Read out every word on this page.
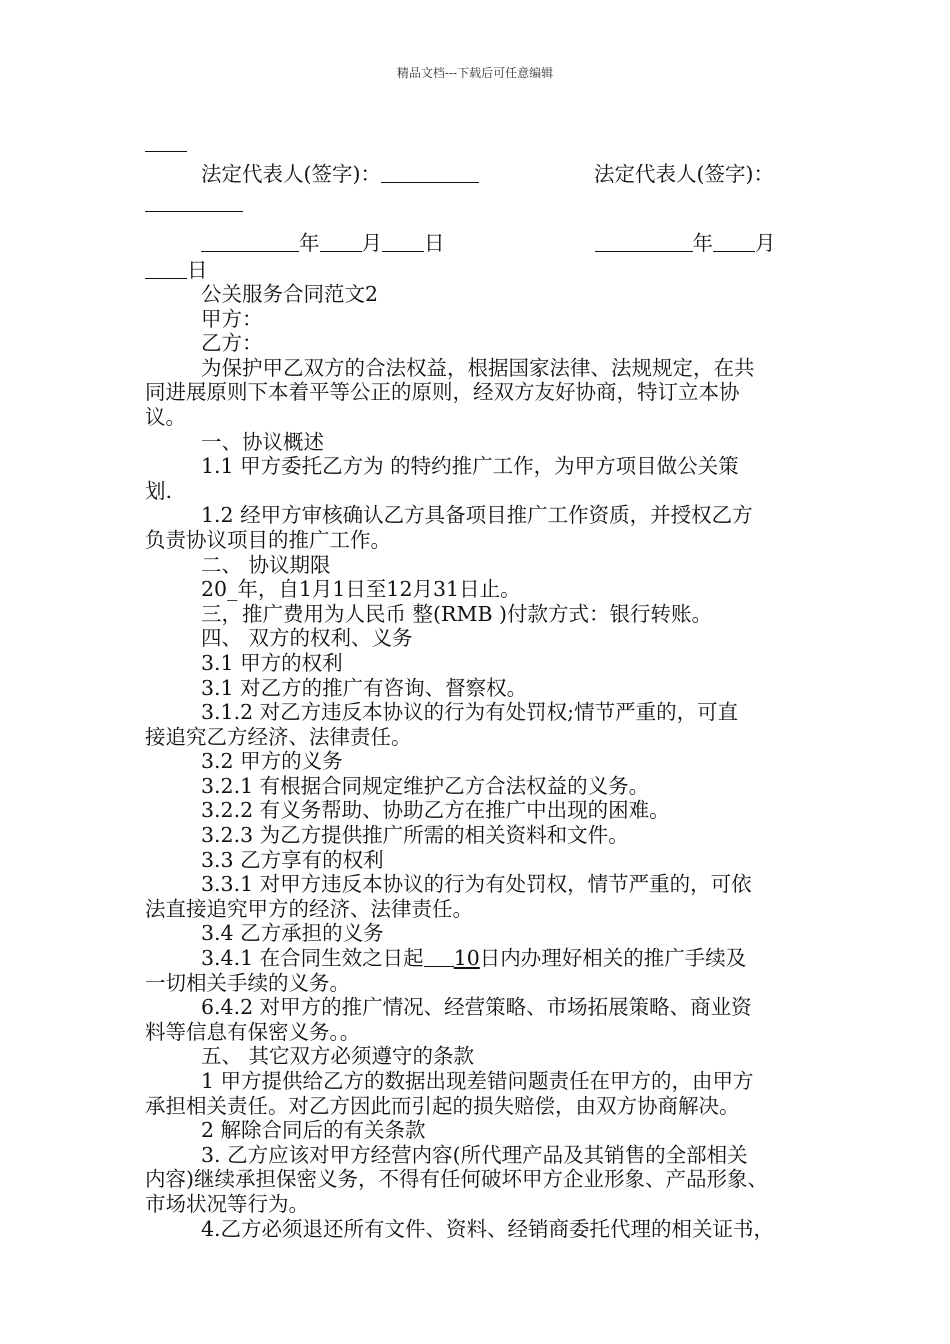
精品文档---下载后可任意编辑
法定代表人(签字)：	法定代表人(签字)：
年 月 日	年 月
日
公关服务合同范文2
甲方：
乙方：
为保护甲乙双方的合法权益，根据国家法律、法规规定，在共
同进展原则下本着平等公正的原则，经双方友好协商，特订立本协
议。
一、协议概述
1.1 甲方委托乙方为 的特约推广工作，为甲方项目做公关策
划.
1.2 经甲方审核确认乙方具备项目推广工作资质，并授权乙方
负责协议项目的推广工作。
二、 协议期限
20_年，自1月1日至12月31日止。
三，推广费用为人民币 整(RMB )付款方式：银行转账。
四、 双方的权利、义务
3.1 甲方的权利
3.1 对乙方的推广有咨询、督察权。
3.1.2 对乙方违反本协议的行为有处罚权;情节严重的，可直
接追究乙方经济、法律责任。
3.2 甲方的义务
3.2.1 有根据合同规定维护乙方合法权益的义务。
3.2.2 有义务帮助、协助乙方在推广中出现的困难。
3.2.3 为乙方提供推广所需的相关资料和文件。
3.3 乙方享有的权利
3.3.1 对甲方违反本协议的行为有处罚权，情节严重的，可依
法直接追究甲方的经济、法律责任。
3.4 乙方承担的义务
3.4.1 在合同生效之日起 10日内办理好相关的推广手续及
一切相关手续的义务。
6.4.2 对甲方的推广情况、经营策略、市场拓展策略、商业资
料等信息有保密义务。。
五、 其它双方必须遵守的条款
1 甲方提供给乙方的数据出现差错问题责任在甲方的，由甲方
承担相关责任。对乙方因此而引起的损失赔偿，由双方协商解决。
2 解除合同后的有关条款
3. 乙方应该对甲方经营内容(所代理产品及其销售的全部相关
内容)继续承担保密义务，不得有任何破坏甲方企业形象、产品形象、
市场状况等行为。
4.乙方必须退还所有文件、资料、经销商委托代理的相关证书，
